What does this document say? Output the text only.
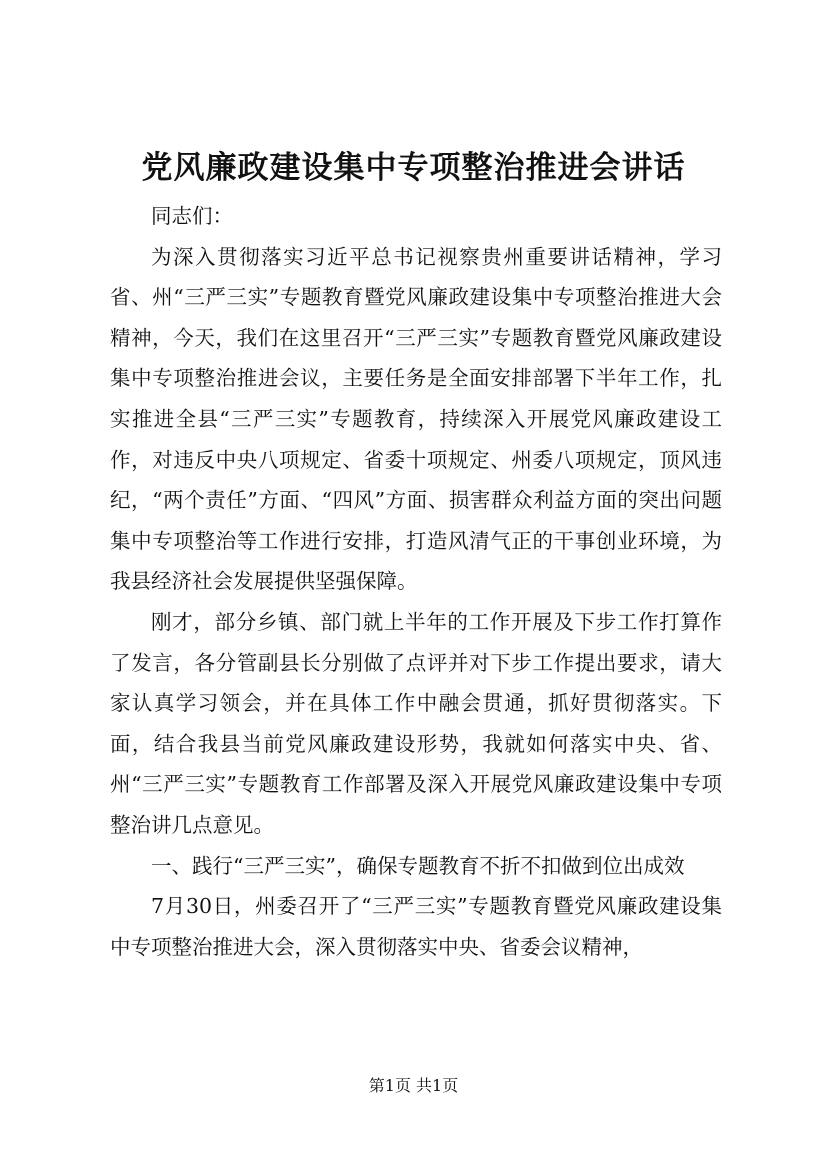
党风廉政建设集中专项整治推进会讲话

同志们：

为深入贯彻落实习近平总书记视察贵州重要讲话精神，学习省、州“三严三实”专题教育暨党风廉政建设集中专项整治推进大会精神，今天，我们在这里召开“三严三实”专题教育暨党风廉政建设集中专项整治推进会议，主要任务是全面安排部署下半年工作，扎实推进全县“三严三实”专题教育，持续深入开展党风廉政建设工作，对违反中央八项规定、省委十项规定、州委八项规定，顶风违纪，“两个责任”方面、“四风”方面、损害群众利益方面的突出问题集中专项整治等工作进行安排，打造风清气正的干事创业环境，为我县经济社会发展提供坚强保障。

刚才，部分乡镇、部门就上半年的工作开展及下步工作打算作了发言，各分管副县长分别做了点评并对下步工作提出要求，请大家认真学习领会，并在具体工作中融会贯通，抓好贯彻落实。下面，结合我县当前党风廉政建设形势，我就如何落实中央、省、州“三严三实”专题教育工作部署及深入开展党风廉政建设集中专项整治讲几点意见。

一、践行“三严三实”，确保专题教育不折不扣做到位出成效

7月30日，州委召开了“三严三实”专题教育暨党风廉政建设集中专项整治推进大会，深入贯彻落实中央、省委会议精神，

第1页 共1页
